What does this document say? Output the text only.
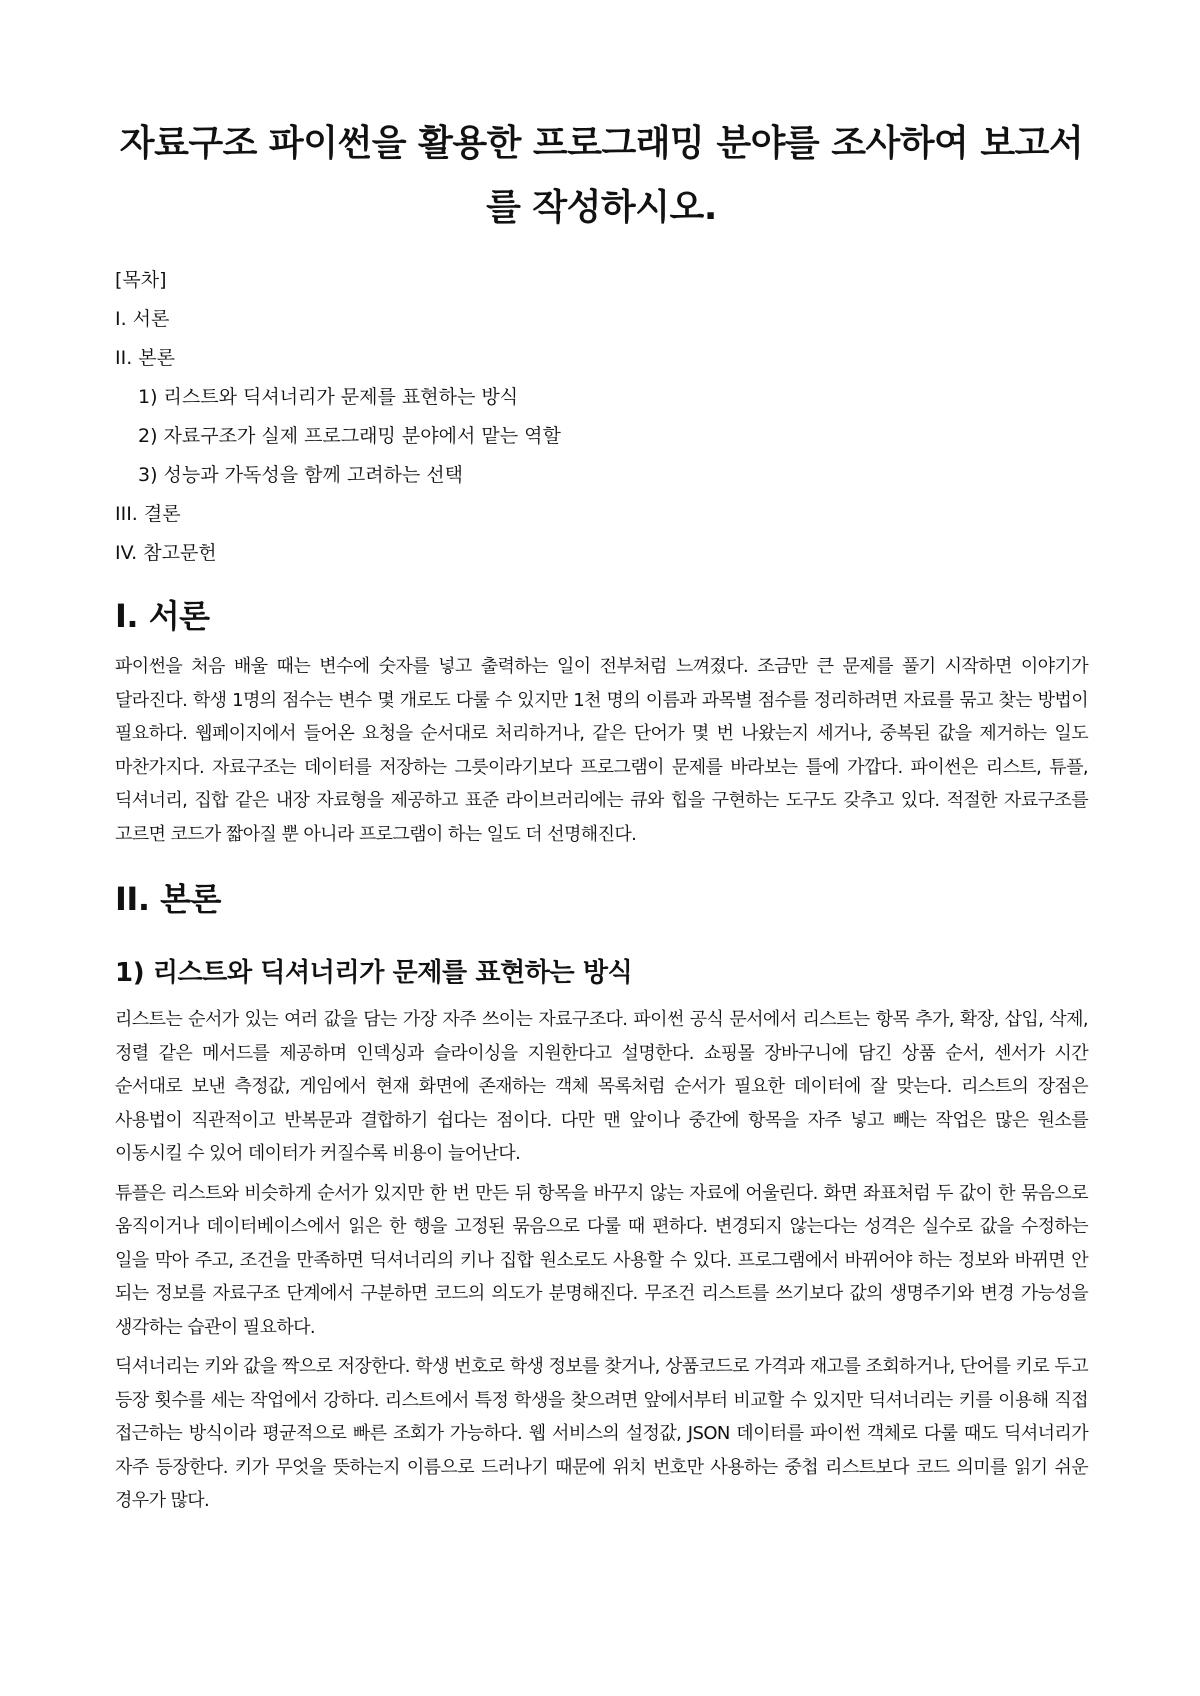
자료구조 파이썬을 활용한 프로그래밍 분야를 조사하여 보고서를 작성하시오.

[목차]

I. 서론

II. 본론

1) 리스트와 딕셔너리가 문제를 표현하는 방식

2) 자료구조가 실제 프로그래밍 분야에서 맡는 역할

3) 성능과 가독성을 함께 고려하는 선택

III. 결론

IV. 참고문헌

I. 서론

파이썬을 처음 배울 때는 변수에 숫자를 넣고 출력하는 일이 전부처럼 느껴졌다. 조금만 큰 문제를 풀기 시작하면 이야기가 달라진다. 학생 1명의 점수는 변수 몇 개로도 다룰 수 있지만 1천 명의 이름과 과목별 점수를 정리하려면 자료를 묶고 찾는 방법이 필요하다. 웹페이지에서 들어온 요청을 순서대로 처리하거나, 같은 단어가 몇 번 나왔는지 세거나, 중복된 값을 제거하는 일도 마찬가지다. 자료구조는 데이터를 저장하는 그릇이라기보다 프로그램이 문제를 바라보는 틀에 가깝다. 파이썬은 리스트, 튜플, 딕셔너리, 집합 같은 내장 자료형을 제공하고 표준 라이브러리에는 큐와 힙을 구현하는 도구도 갖추고 있다. 적절한 자료구조를 고르면 코드가 짧아질 뿐 아니라 프로그램이 하는 일도 더 선명해진다.

II. 본론
1) 리스트와 딕셔너리가 문제를 표현하는 방식

리스트는 순서가 있는 여러 값을 담는 가장 자주 쓰이는 자료구조다. 파이썬 공식 문서에서 리스트는 항목 추가, 확장, 삽입, 삭제, 정렬 같은 메서드를 제공하며 인덱싱과 슬라이싱을 지원한다고 설명한다. 쇼핑몰 장바구니에 담긴 상품 순서, 센서가 시간 순서대로 보낸 측정값, 게임에서 현재 화면에 존재하는 객체 목록처럼 순서가 필요한 데이터에 잘 맞는다. 리스트의 장점은 사용법이 직관적이고 반복문과 결합하기 쉽다는 점이다. 다만 맨 앞이나 중간에 항목을 자주 넣고 빼는 작업은 많은 원소를 이동시킬 수 있어 데이터가 커질수록 비용이 늘어난다.

튜플은 리스트와 비슷하게 순서가 있지만 한 번 만든 뒤 항목을 바꾸지 않는 자료에 어울린다. 화면 좌표처럼 두 값이 한 묶음으로 움직이거나 데이터베이스에서 읽은 한 행을 고정된 묶음으로 다룰 때 편하다. 변경되지 않는다는 성격은 실수로 값을 수정하는 일을 막아 주고, 조건을 만족하면 딕셔너리의 키나 집합 원소로도 사용할 수 있다. 프로그램에서 바뀌어야 하는 정보와 바뀌면 안 되는 정보를 자료구조 단계에서 구분하면 코드의 의도가 분명해진다. 무조건 리스트를 쓰기보다 값의 생명주기와 변경 가능성을 생각하는 습관이 필요하다.

딕셔너리는 키와 값을 짝으로 저장한다. 학생 번호로 학생 정보를 찾거나, 상품코드로 가격과 재고를 조회하거나, 단어를 키로 두고 등장 횟수를 세는 작업에서 강하다. 리스트에서 특정 학생을 찾으려면 앞에서부터 비교할 수 있지만 딕셔너리는 키를 이용해 직접 접근하는 방식이라 평균적으로 빠른 조회가 가능하다. 웹 서비스의 설정값, JSON 데이터를 파이썬 객체로 다룰 때도 딕셔너리가 자주 등장한다. 키가 무엇을 뜻하는지 이름으로 드러나기 때문에 위치 번호만 사용하는 중첩 리스트보다 코드 의미를 읽기 쉬운 경우가 많다.
